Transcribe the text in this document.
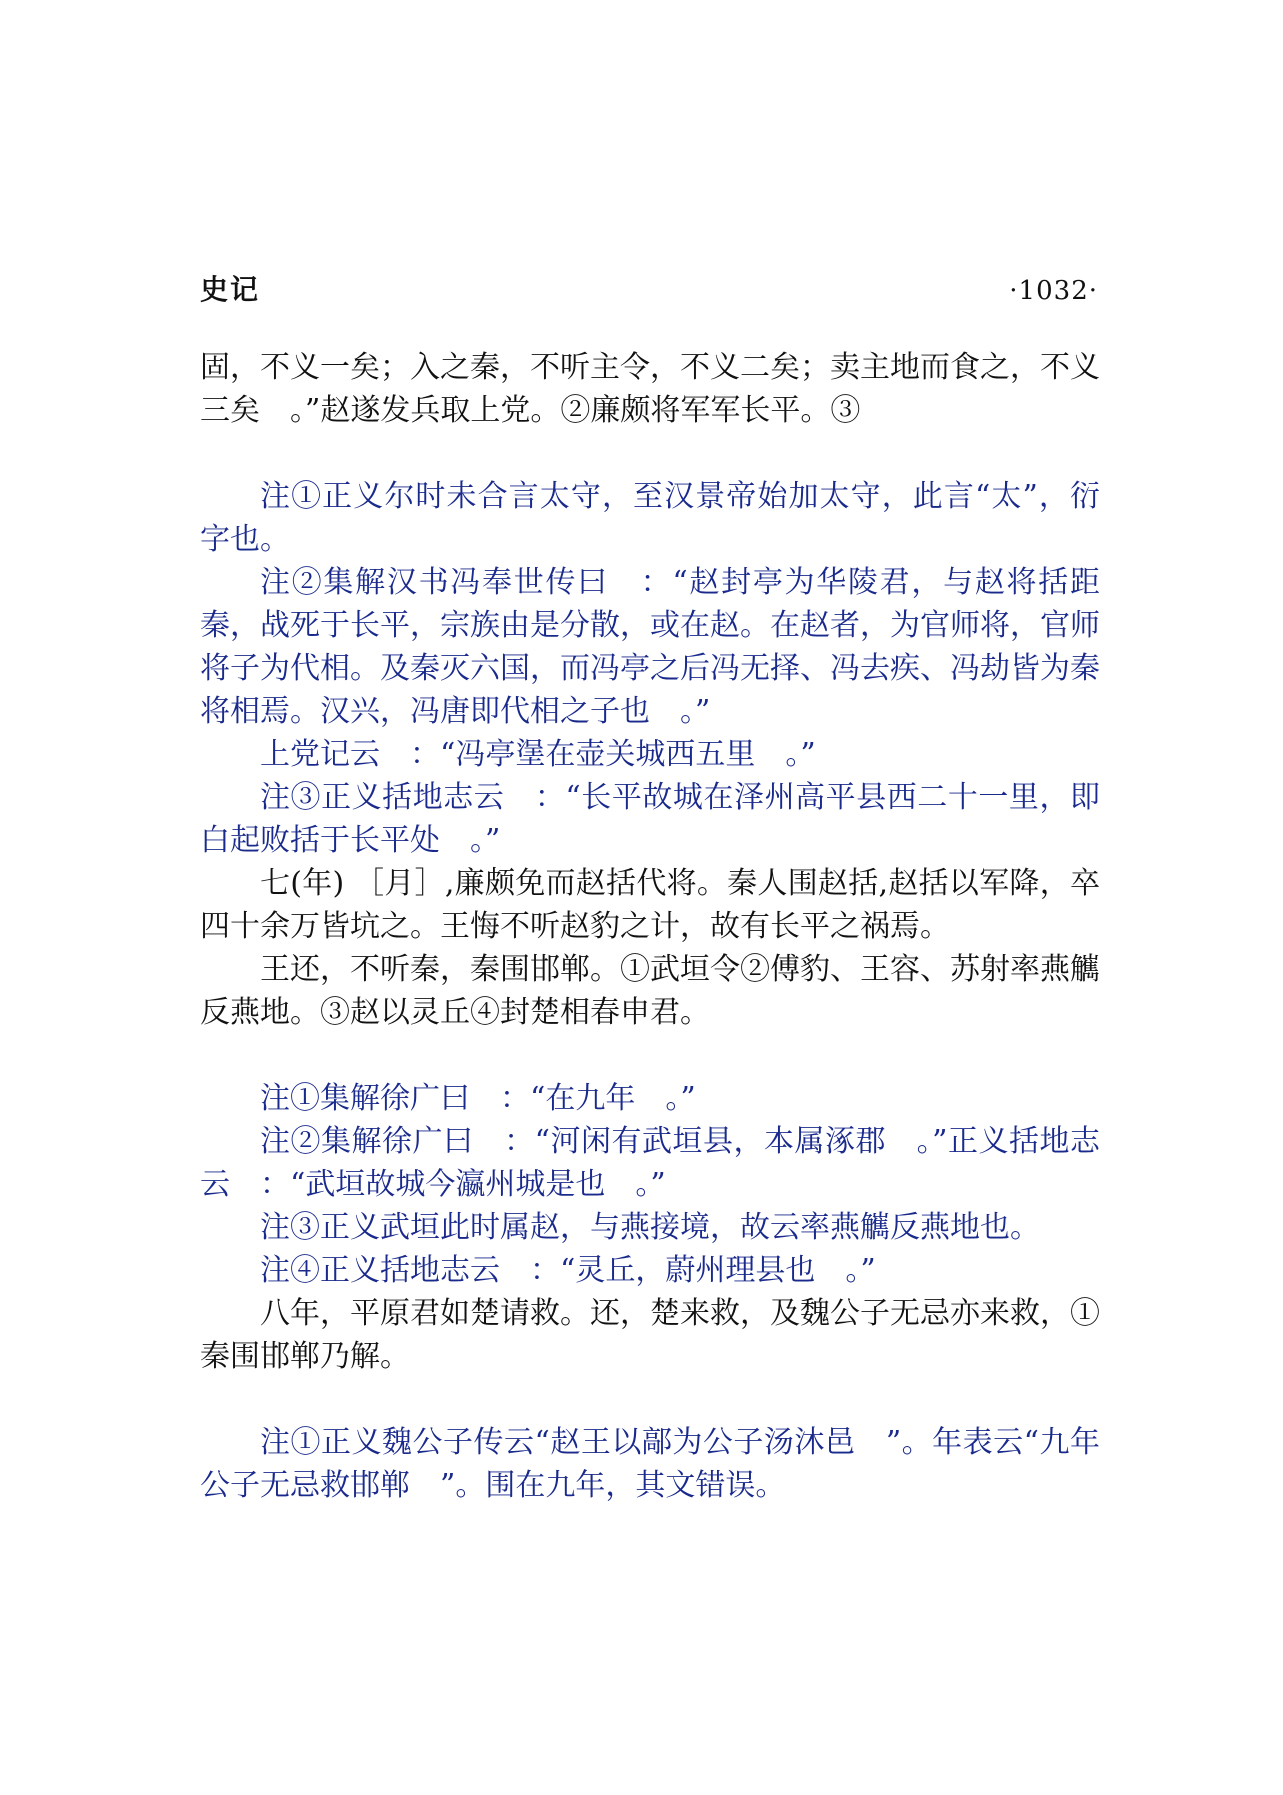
史记	·1032·

固，不义一矣；入之秦，不听主令，不义二矣；卖主地而食之，不义三矣　。”赵遂发兵取上党。②廉颇将军军长平。③

注①正义尔时未合言太守，至汉景帝始加太守，此言“太”，衍字也。

注②集解汉书冯奉世传曰　：“赵封亭为华陵君，与赵将括距秦，战死于长平，宗族由是分散，或在赵。在赵者，为官师将，官师将子为代相。及秦灭六国，而冯亭之后冯无择、冯去疾、冯劫皆为秦将相焉。汉兴，冯唐即代相之子也　。”

上党记云　：“冯亭塣在壶关城西五里　。”

注③正义括地志云　：“长平故城在泽州高平县西二十一里，即白起败括于长平处　。”

七(年) ［月］,廉颇免而赵括代将。秦人围赵括,赵括以军降，卒四十余万皆坑之。王悔不听赵豹之计，故有长平之祸焉。

王还，不听秦，秦围邯郸。①武垣令②傅豹、王容、苏射率燕觽反燕地。③赵以灵丘④封楚相春申君。

注①集解徐广曰　：“在九年　。”

注②集解徐广曰　：“河闲有武垣县，本属涿郡　。”正义括地志云　：“武垣故城今瀛州城是也　。”

注③正义武垣此时属赵，与燕接境，故云率燕觽反燕地也。

注④正义括地志云　：“灵丘，蔚州理县也　。”

八年，平原君如楚请救。还，楚来救，及魏公子无忌亦来救，①秦围邯郸乃解。

注①正义魏公子传云“赵王以鄗为公子汤沐邑　”。年表云“九年公子无忌救邯郸　”。围在九年，其文错误。
